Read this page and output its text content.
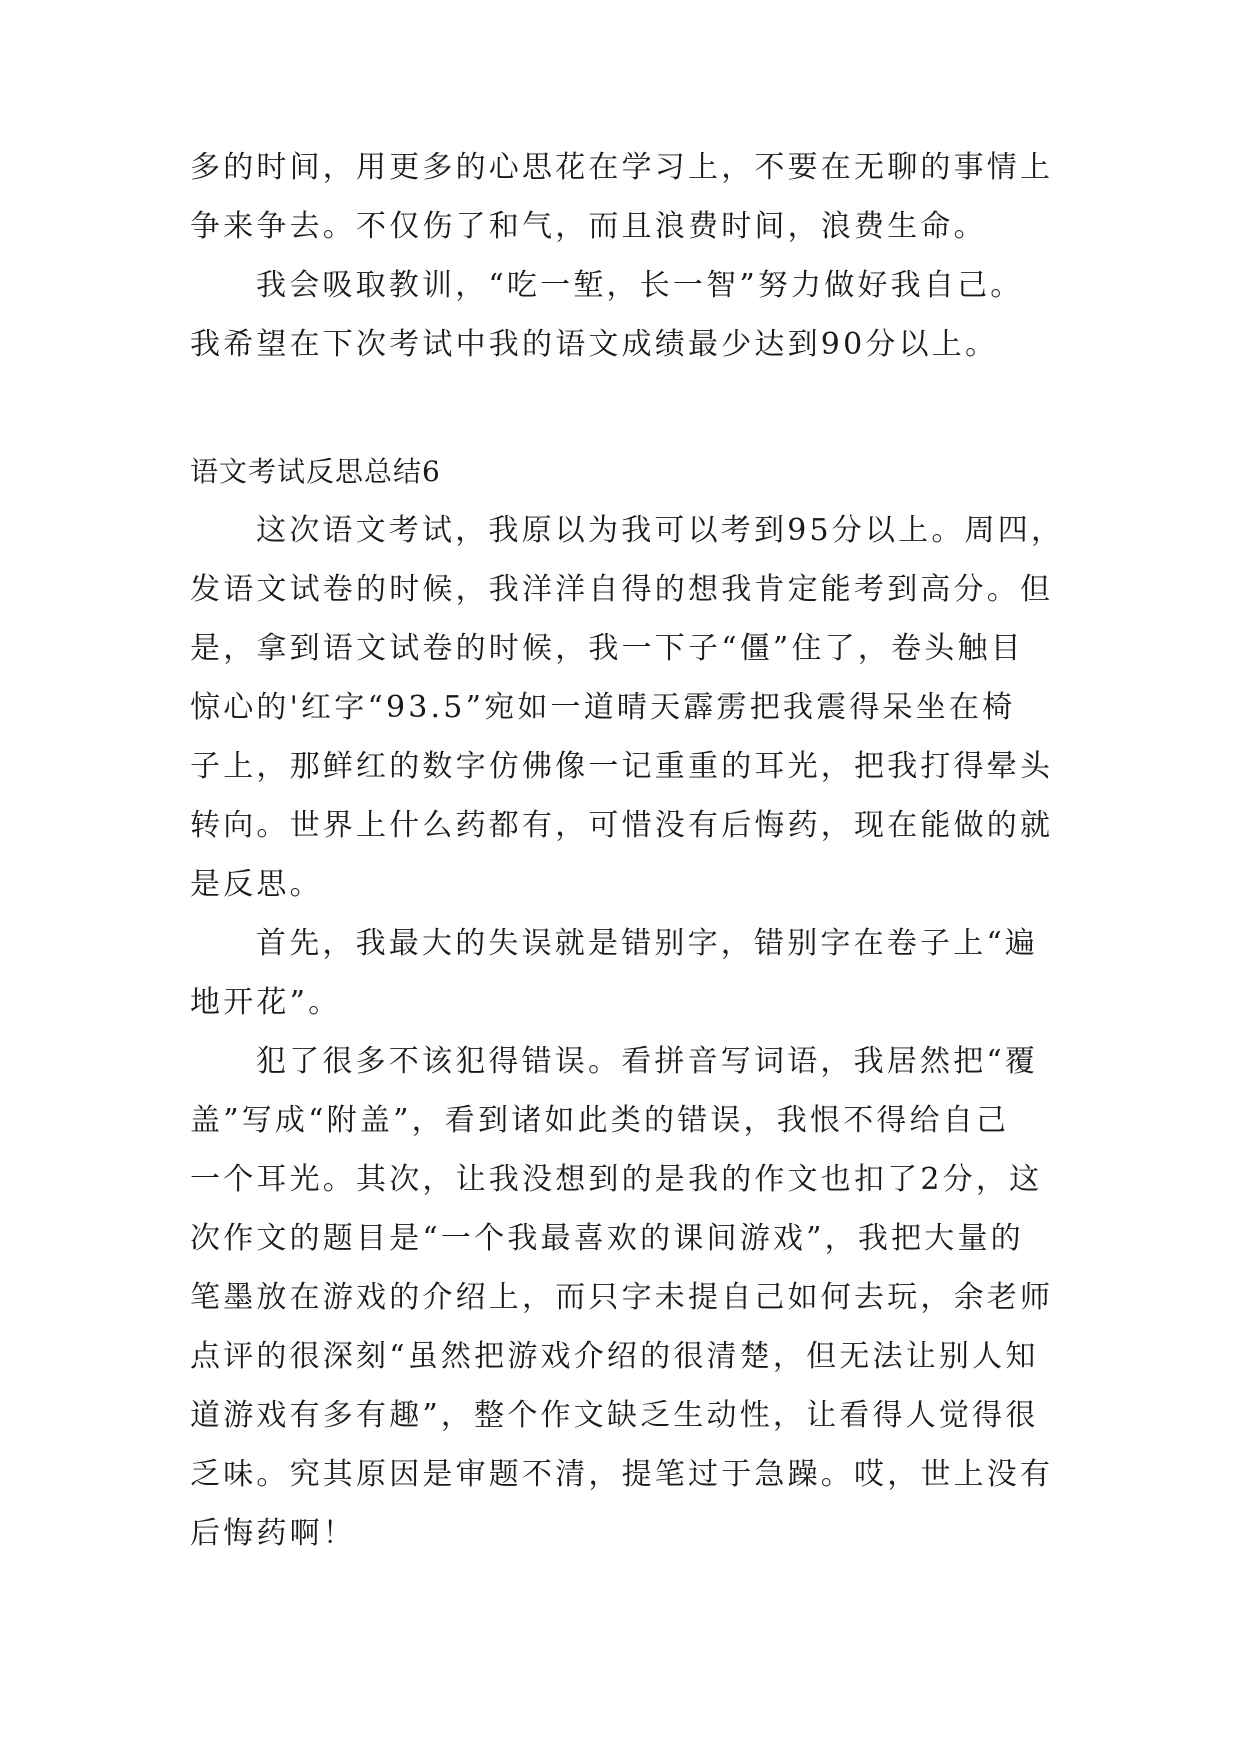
多的时间，用更多的心思花在学习上，不要在无聊的事情上
争来争去。不仅伤了和气，而且浪费时间，浪费生命。
我会吸取教训，“吃一堑，长一智”努力做好我自己。
我希望在下次考试中我的语文成绩最少达到90分以上。
语文考试反思总结6
这次语文考试，我原以为我可以考到95分以上。周四，
发语文试卷的时候，我洋洋自得的想我肯定能考到高分。但
是，拿到语文试卷的时候，我一下子“僵”住了，卷头触目
惊心的'红字“93.5”宛如一道晴天霹雳把我震得呆坐在椅
子上，那鲜红的数字仿佛像一记重重的耳光，把我打得晕头
转向。世界上什么药都有，可惜没有后悔药，现在能做的就
是反思。
首先，我最大的失误就是错别字，错别字在卷子上“遍
地开花”。
犯了很多不该犯得错误。看拼音写词语，我居然把“覆
盖”写成“附盖”，看到诸如此类的错误，我恨不得给自己
一个耳光。其次，让我没想到的是我的作文也扣了2分，这
次作文的题目是“一个我最喜欢的课间游戏”，我把大量的
笔墨放在游戏的介绍上，而只字未提自己如何去玩，余老师
点评的很深刻“虽然把游戏介绍的很清楚，但无法让别人知
道游戏有多有趣”，整个作文缺乏生动性，让看得人觉得很
乏味。究其原因是审题不清，提笔过于急躁。哎，世上没有
后悔药啊！
